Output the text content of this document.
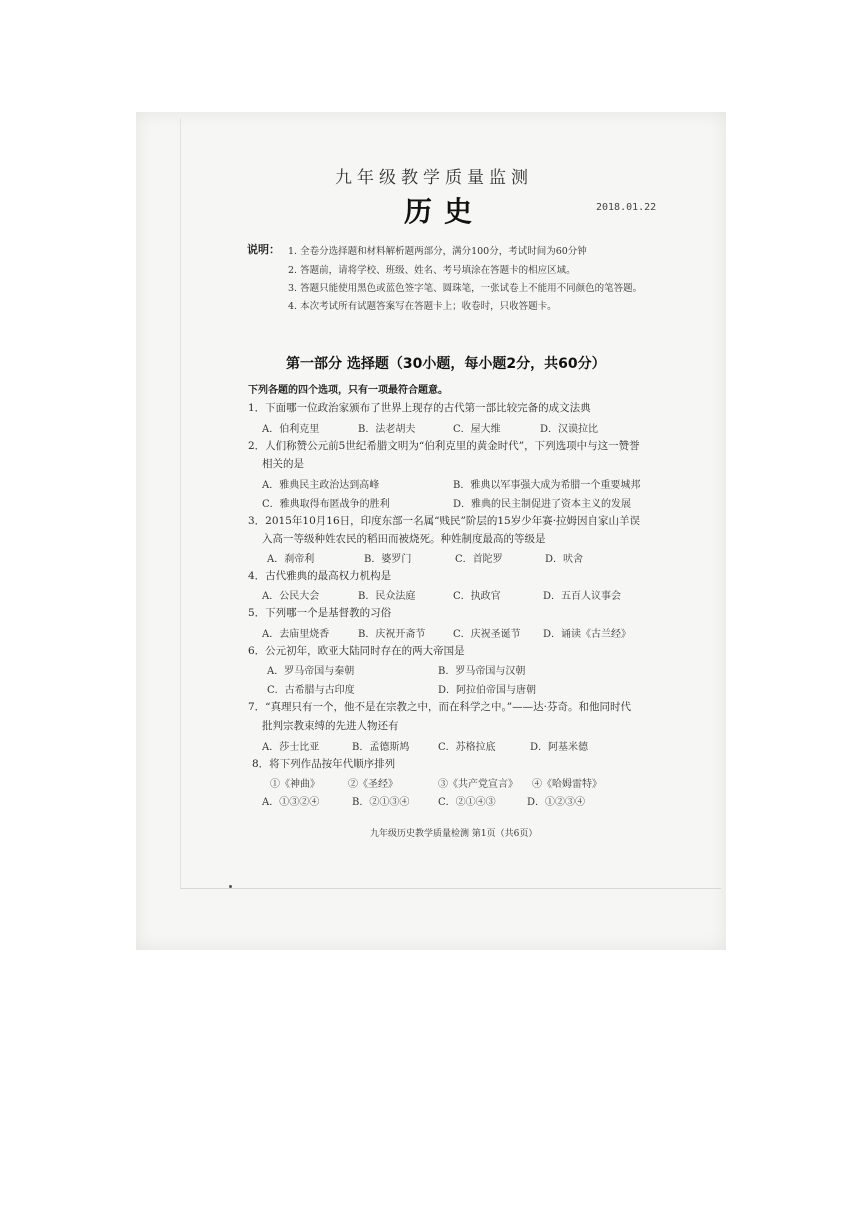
九年级教学质量监测
历史	2018.01.22
说明： 1. 全卷分选择题和材料解析题两部分，满分100分，考试时间为60分钟
2. 答题前，请将学校、班级、姓名、考号填涂在答题卡的相应区域。
3. 答题只能使用黑色或蓝色签字笔、圆珠笔，一张试卷上不能用不同颜色的笔答题。
4. 本次考试所有试题答案写在答题卡上；收卷时，只收答题卡。
第一部分 选择题（30小题，每小题2分，共60分）
下列各题的四个选项，只有一项最符合题意。
1．下面哪一位政治家颁布了世界上现存的古代第一部比较完备的成文法典
A．伯利克里	B．法老胡夫	C．屋大维	D．汉谟拉比
2．人们称赞公元前5世纪希腊文明为“伯利克里的黄金时代”，下列选项中与这一赞誉
相关的是
A．雅典民主政治达到高峰	B．雅典以军事强大成为希腊一个重要城邦
C．雅典取得布匿战争的胜利	D．雅典的民主制促进了资本主义的发展
3．2015年10月16日，印度东部一名属“贱民”阶层的15岁少年赛·拉姆因自家山羊误
入高一等级种姓农民的稻田而被烧死。种姓制度最高的等级是
A．刹帝利	B．婆罗门	C．首陀罗	D．吠舍
4．古代雅典的最高权力机构是
A．公民大会	B．民众法庭	C．执政官	D．五百人议事会
5．下列哪一个是基督教的习俗
A．去庙里烧香	B．庆祝开斋节	C．庆祝圣诞节 D．诵读《古兰经》
6．公元初年，欧亚大陆同时存在的两大帝国是
A．罗马帝国与秦朝	B．罗马帝国与汉朝
C．古希腊与古印度	D．阿拉伯帝国与唐朝
7．“真理只有一个，他不是在宗教之中，而在科学之中。”——达·芬奇。和他同时代
批判宗教束缚的先进人物还有
A．莎士比亚	B．孟德斯鸠	C．苏格拉底	D．阿基米德
8．将下列作品按年代顺序排列
①《神曲》	②《圣经》	③《共产党宣言》 ④《哈姆雷特》
A．①③②④	B．②①③④	C．②①④③	D．①②③④
九年级历史教学质量检测 第1页（共6页）
